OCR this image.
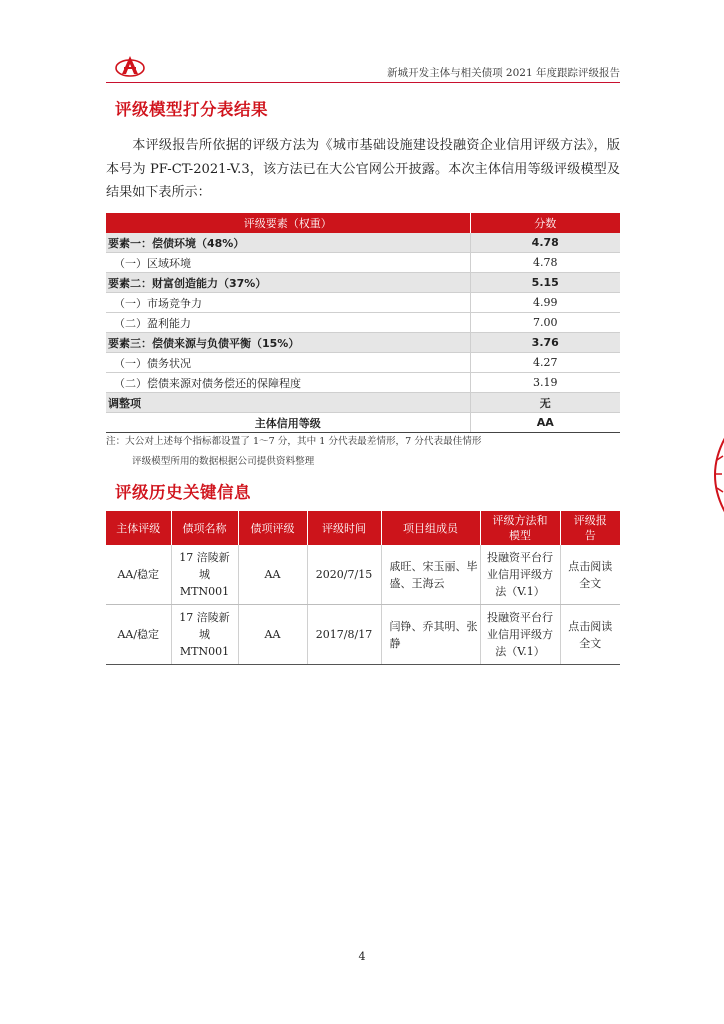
新城开发主体与相关债项 2021 年度跟踪评级报告
评级模型打分表结果

本评级报告所依据的评级方法为《城市基础设施建设投融资企业信用评级方法》，版本号为 PF-CT-2021-V.3，该方法已在大公官网公开披露。本次主体信用等级评级模型及结果如下表所示：

评级要素（权重）	分数
要素一：偿债环境（48%）	4.78
（一）区域环境	4.78
要素二：财富创造能力（37%）	5.15
（一）市场竞争力	4.99
（二）盈利能力	7.00
要素三：偿债来源与负债平衡（15%）	3.76
（一）债务状况	4.27
（二）偿债来源对债务偿还的保障程度	3.19
调整项	无
主体信用等级	AA
注：大公对上述每个指标都设置了 1～7 分，其中 1 分代表最差情形，7 分代表最佳情形
评级模型所用的数据根据公司提供资料整理
评级历史关键信息
主体评级	债项名称	债项评级	评级时间	项目组成员	评级方法和模型	评级报告
AA/稳定	17 涪陵新城 MTN001	AA	2020/7/15	戚旺、宋玉丽、毕盛、王海云	投融资平台行业信用评级方法（V.1）	点击阅读全文
AA/稳定	17 涪陵新城 MTN001	AA	2017/8/17	闫铮、乔其明、张静	投融资平台行业信用评级方法（V.1）	点击阅读全文
4
